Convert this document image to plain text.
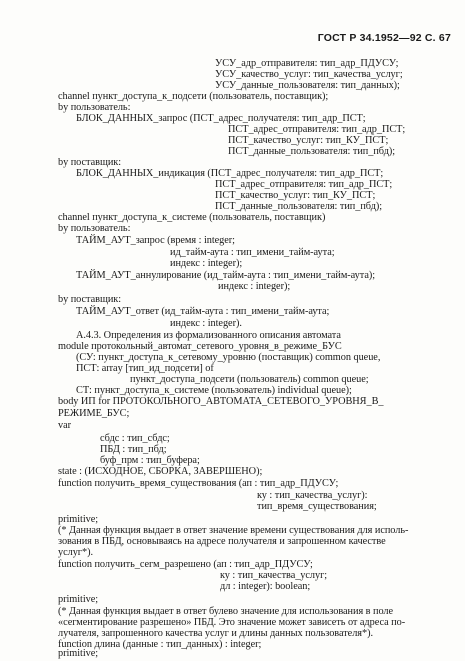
ГОСТ Р 34.1952—92 С. 67
УСУ_адр_отправителя: тип_адр_ПДУСУ;
УСУ_качество_услуг: тип_качества_услуг;
УСУ_данные_пользователя: тип_данных);
channel пункт_доступа_к_подсети (пользователь, поставщик);
by пользователь:
БЛОК_ДАННЫХ_запрос (ПСТ_адрес_получателя: тип_адр_ПСТ;
ПСТ_адрес_отправителя: тип_адр_ПСТ;
ПСТ_качество_услуг: тип_КУ_ПСТ;
ПСТ_данные_пользователя: тип_пбд);
by поставщик:
БЛОК_ДАННЫХ_индикация (ПСТ_адрес_получателя: тип_адр_ПСТ;
ПСТ_адрес_отправителя: тип_адр_ПСТ;
ПСТ_качество_услуг: тип_КУ_ПСТ;
ПСТ_данные_пользователя: тип_пбд);
channel пункт_доступа_к_системе (пользователь, поставщик)
by пользователь:
ТАЙМ_АУТ_запрос (время : integer;
ид_тайм-аута : тип_имени_тайм-аута;
индекс : integer);
ТАЙМ_АУТ_аннулирование (ид_тайм-аута : тип_имени_тайм-аута);
индекс : integer);
by поставщик:
ТАЙМ_АУТ_ответ (ид_тайм-аута : тип_имени_тайм-аута;
индекс : integer).
А.4.3. Определения из формализованного описания автомата
module протокольный_автомат_сетевого_уровня_в_режиме_БУС
(СУ: пункт_доступа_к_сетевому_уровню (поставщик) common queue,
ПСТ: array [тип_ид_подсети] of
пункт_доступа_подсети (пользователь) common queue;
СТ: пункт_доступа_к_системе (пользователь) individual queue);
body ИП for ПРОТОКОЛЬНОГО_АВТОМАТА_СЕТЕВОГО_УРОВНЯ_В_
РЕЖИМЕ_БУС;
var
сбдс : тип_сбдс;
ПБД : тип_пбд;
буф_прм : тип_буфера;
state : (ИСХОДНОЕ, СБОРКА, ЗАВЕРШЕНО);
function получить_время_существования (ап : тип_адр_ПДУСУ;
ку : тип_качества_услуг):
тип_время_существования;
primitive;
(* Данная функция выдает в ответ значение времени существования для исполь-
зования в ПБД, основываясь на адресе получателя и запрошенном качестве
услуг*).
function получить_сегм_разрешено (ап : тип_адр_ПДУСУ;
ку : тип_качества_услуг;
дл : integer): boolean;
primitive;
(* Данная функция выдает в ответ булево значение для использования в поле
«сегментирование разрешено» ПБД. Это значение может зависеть от адреса по-
лучателя, запрошенного качества услуг и длины данных пользователя*).
function длина (данные : тип_данных) : integer;
primitive;
